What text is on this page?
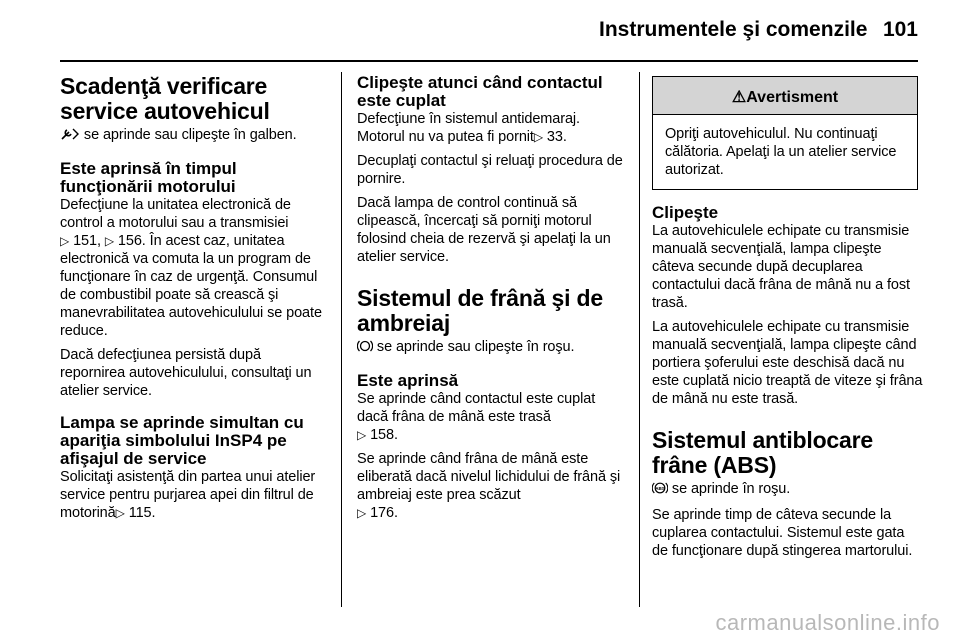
Instrumentele şi comenzile 101
Scadenţă verificare service autovehicul

se aprinde sau clipeşte în galben.

Este aprinsă în timpul funcţionării motorului

Defecţiune la unitatea electronică de control a motorului sau a transmisiei
▷ 151, ▷ 156. În acest caz, unitatea electronică va comuta la un program de funcţionare în caz de urgenţă. Consumul de combustibil poate să crească şi manevrabilitatea autovehiculului se poate reduce.

Dacă defecţiunea persistă după repornirea autovehiculului, consultaţi un atelier service.

Lampa se aprinde simultan cu apariţia simbolului InSP4 pe afişajul de service

Solicitaţi asistenţă din partea unui atelier service pentru purjarea apei din filtrul de motorină▷ 115.

Clipeşte atunci când contactul este cuplat

Defecţiune în sistemul antidemaraj. Motorul nu va putea fi pornit▷ 33.

Decuplaţi contactul şi reluaţi procedura de pornire.

Dacă lampa de control continuă să clipească, încercaţi să porniţi motorul folosind cheia de rezervă şi apelaţi la un atelier service.

Sistemul de frână şi de ambreiaj

se aprinde sau clipeşte în roşu.

Este aprinsă

Se aprinde când contactul este cuplat dacă frâna de mână este trasă
▷ 158.

Se aprinde când frâna de mână este eliberată dacă nivelul lichidului de frână şi ambreiaj este prea scăzut
▷ 176.

⚠Avertisment
Opriţi autovehiculul. Nu continuaţi călătoria. Apelaţi la un atelier service autorizat.
Clipeşte

La autovehiculele echipate cu transmisie manuală secvenţială, lampa clipeşte câteva secunde după decuplarea contactului dacă frâna de mână nu a fost trasă.

La autovehiculele echipate cu transmisie manuală secvenţială, lampa clipeşte când portiera şoferului este deschisă dacă nu este cuplată nicio treaptă de viteze şi frâna de mână nu este trasă.

Sistemul antiblocare frâne (ABS)

ABS se aprinde în roşu.

Se aprinde timp de câteva secunde la cuplarea contactului. Sistemul este gata de funcţionare după stingerea martorului.

carmanualsonline.info
